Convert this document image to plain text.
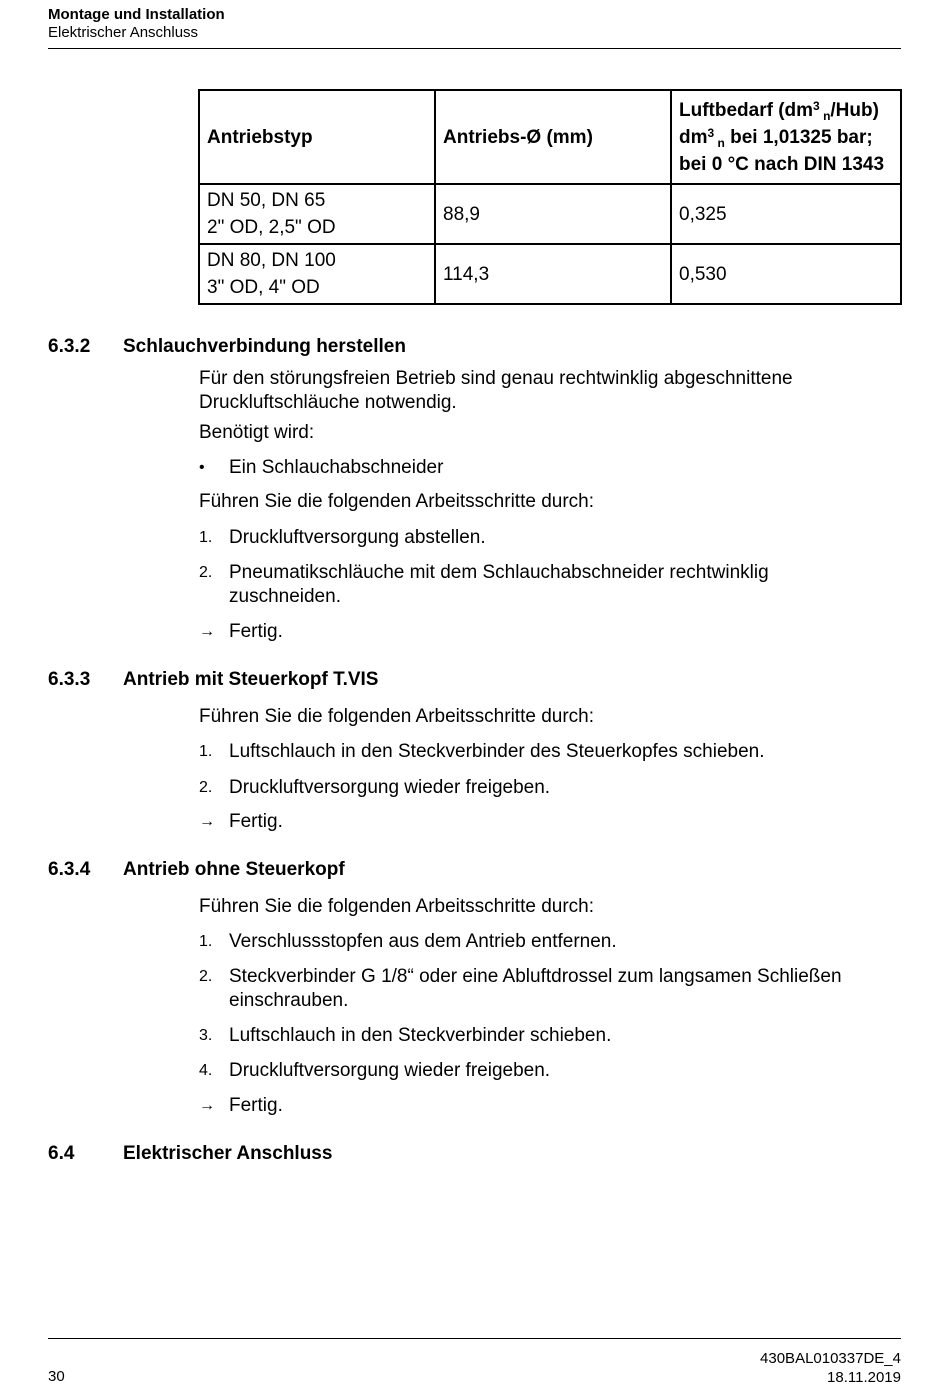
Montage und Installation
Elektrischer Anschluss
Antriebstyp	Antriebs-Ø (mm)	Luftbedarf ($dm^3$ $_n$/Hub)
$dm^3$ $_n$ bei 1,01325 bar;
bei 0 °C nach DIN 1343
DN 50, DN 65
2" OD, 2,5" OD	88,9	0,325
DN 80, DN 100
3" OD, 4" OD	114,3	0,530
6.3.2 Schlauchverbindung herstellen
Für den störungsfreien Betrieb sind genau rechtwinklig abgeschnittene Druckluftschläuche notwendig.
Benötigt wird:
• Ein Schlauchabschneider
Führen Sie die folgenden Arbeitsschritte durch:
1. Druckluftversorgung abstellen.
2. Pneumatikschläuche mit dem Schlauchabschneider rechtwinklig zuschneiden.
→ Fertig.
6.3.3 Antrieb mit Steuerkopf T.VIS
Führen Sie die folgenden Arbeitsschritte durch:
1. Luftschlauch in den Steckverbinder des Steuerkopfes schieben.
2. Druckluftversorgung wieder freigeben.
→ Fertig.
6.3.4 Antrieb ohne Steuerkopf
Führen Sie die folgenden Arbeitsschritte durch:
1. Verschlussstopfen aus dem Antrieb entfernen.
2. Steckverbinder G 1/8“ oder eine Abluftdrossel zum langsamen Schließen einschrauben.
3. Luftschlauch in den Steckverbinder schieben.
4. Druckluftversorgung wieder freigeben.
→ Fertig.
6.4	Elektrischer Anschluss
30
430BAL010337DE_4
18.11.2019
